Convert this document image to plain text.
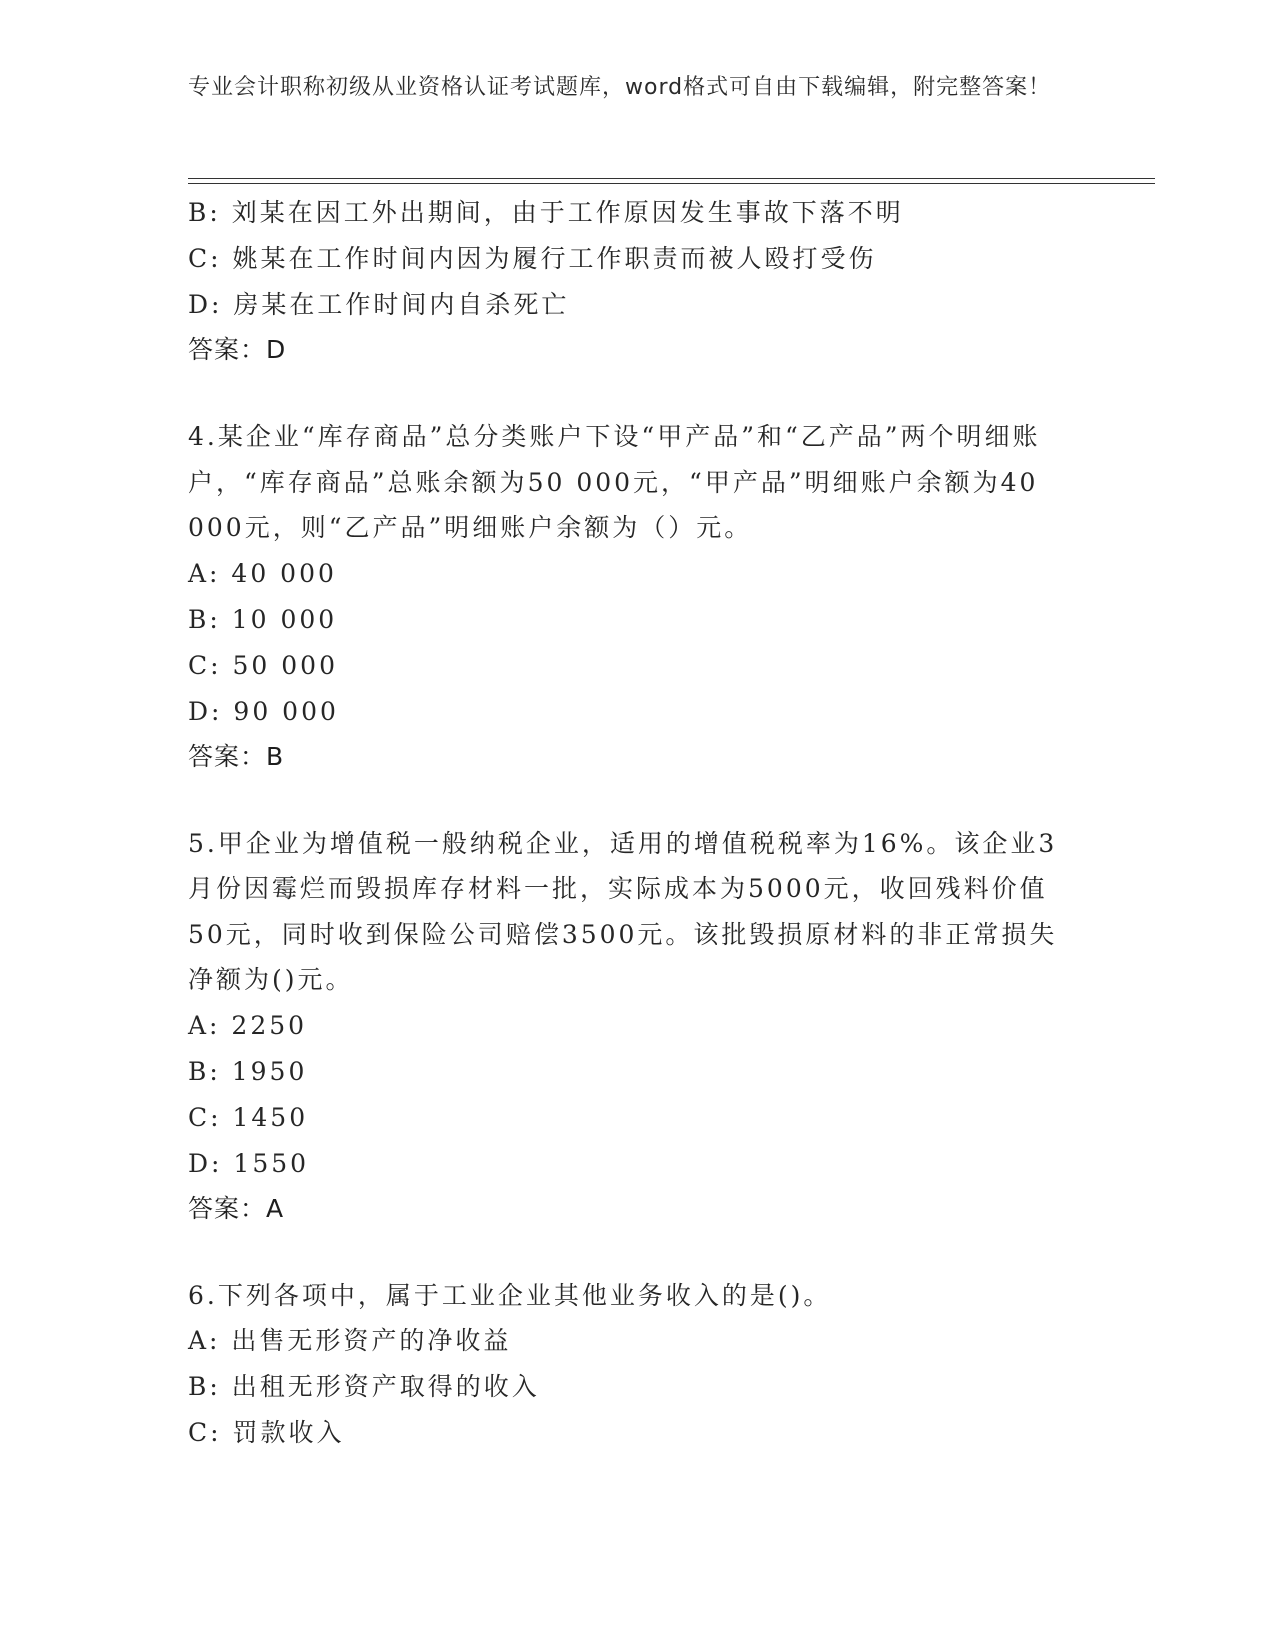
专业会计职称初级从业资格认证考试题库，word格式可自由下载编辑，附完整答案！
B: 刘某在因工外出期间，由于工作原因发生事故下落不明
C: 姚某在工作时间内因为履行工作职责而被人殴打受伤
D: 房某在工作时间内自杀死亡
答案：D
4.某企业“库存商品”总分类账户下设“甲产品”和“乙产品”两个明细账户，“库存商品”总账余额为50 000元，“甲产品”明细账户余额为40 000元，则“乙产品”明细账户余额为（）元。
A: 40 000
B: 10 000
C: 50 000
D: 90 000
答案：B
5.甲企业为增值税一般纳税企业，适用的增值税税率为16%。该企业3月份因霉烂而毁损库存材料一批，实际成本为5000元，收回残料价值50元，同时收到保险公司赔偿3500元。该批毁损原材料的非正常损失净额为()元。
A: 2250
B: 1950
C: 1450
D: 1550
答案：A
6.下列各项中，属于工业企业其他业务收入的是()。
A: 出售无形资产的净收益
B: 出租无形资产取得的收入
C: 罚款收入
